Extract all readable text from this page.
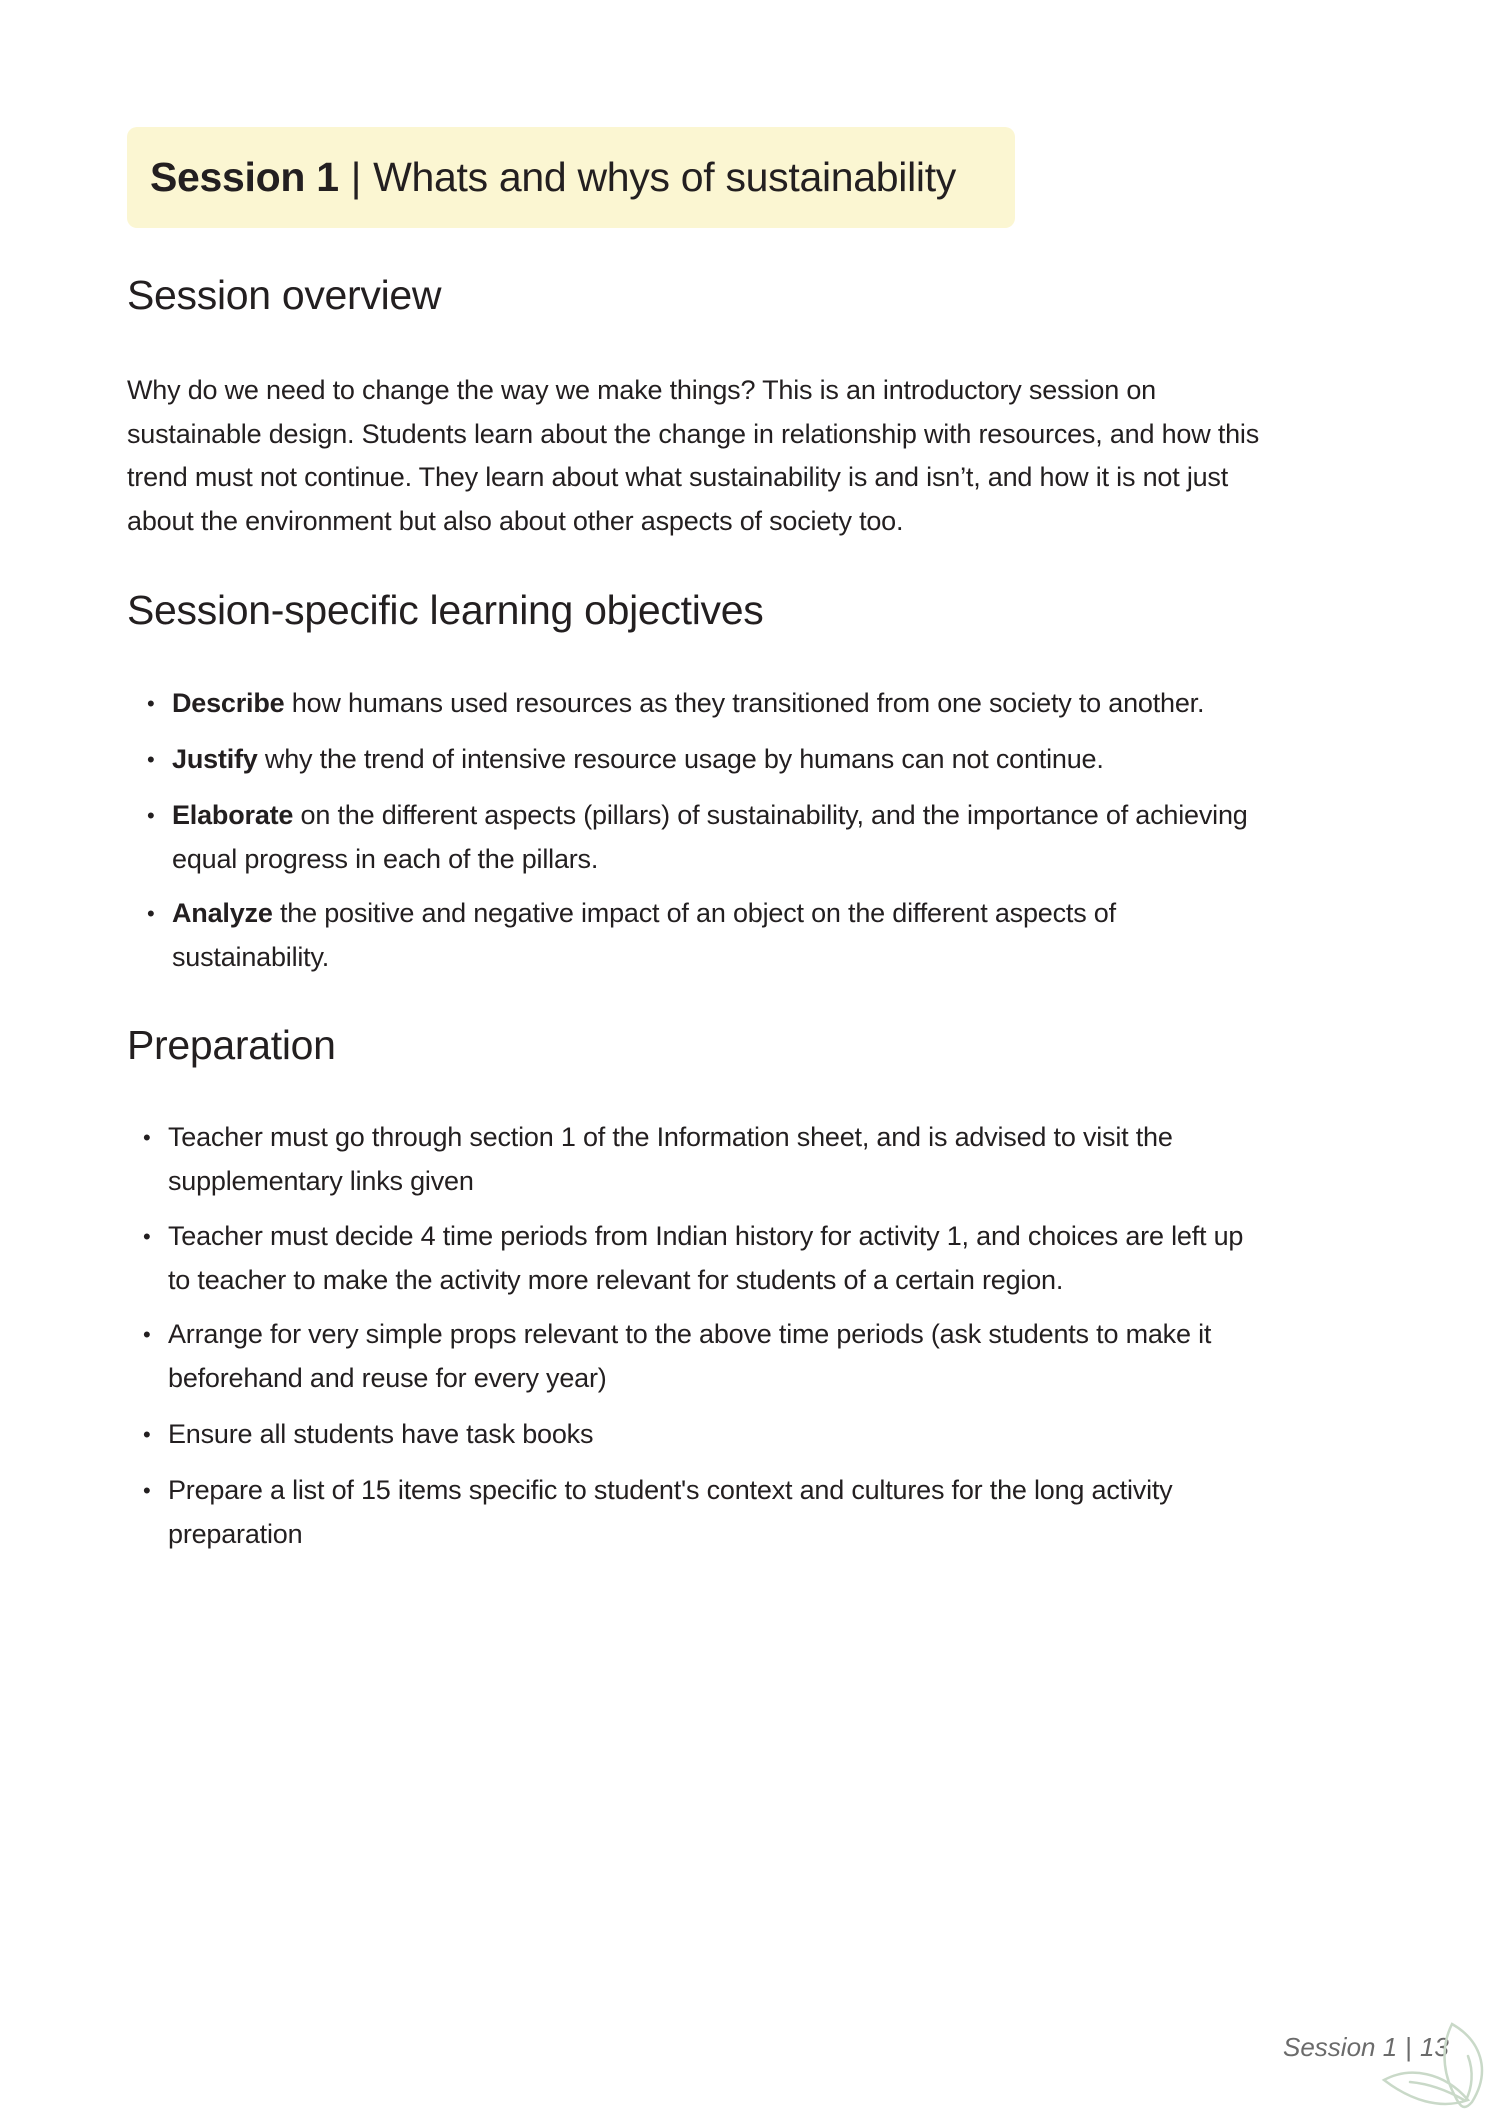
Session 1 | Whats and whys of sustainability
Session overview
Why do we need to change the way we make things? This is an introductory session on
sustainable design. Students learn about the change in relationship with resources, and how this
trend must not continue. They learn about what sustainability is and isn’t, and how it is not just
about the environment but also about other aspects of society too.
Session-specific learning objectives
• Describe how humans used resources as they transitioned from one society to another.
• Justify why the trend of intensive resource usage by humans can not continue.
• Elaborate on the different aspects (pillars) of sustainability, and the importance of achieving
equal progress in each of the pillars.
• Analyze the positive and negative impact of an object on the different aspects of
sustainability.
Preparation
• Teacher must go through section 1 of the Information sheet, and is advised to visit the
supplementary links given
• Teacher must decide 4 time periods from Indian history for activity 1, and choices are left up
to teacher to make the activity more relevant for students of a certain region.
• Arrange for very simple props relevant to the above time periods (ask students to make it
beforehand and reuse for every year)
• Ensure all students have task books
• Prepare a list of 15 items specific to student's context and cultures for the long activity
preparation
Session 1 | 13
